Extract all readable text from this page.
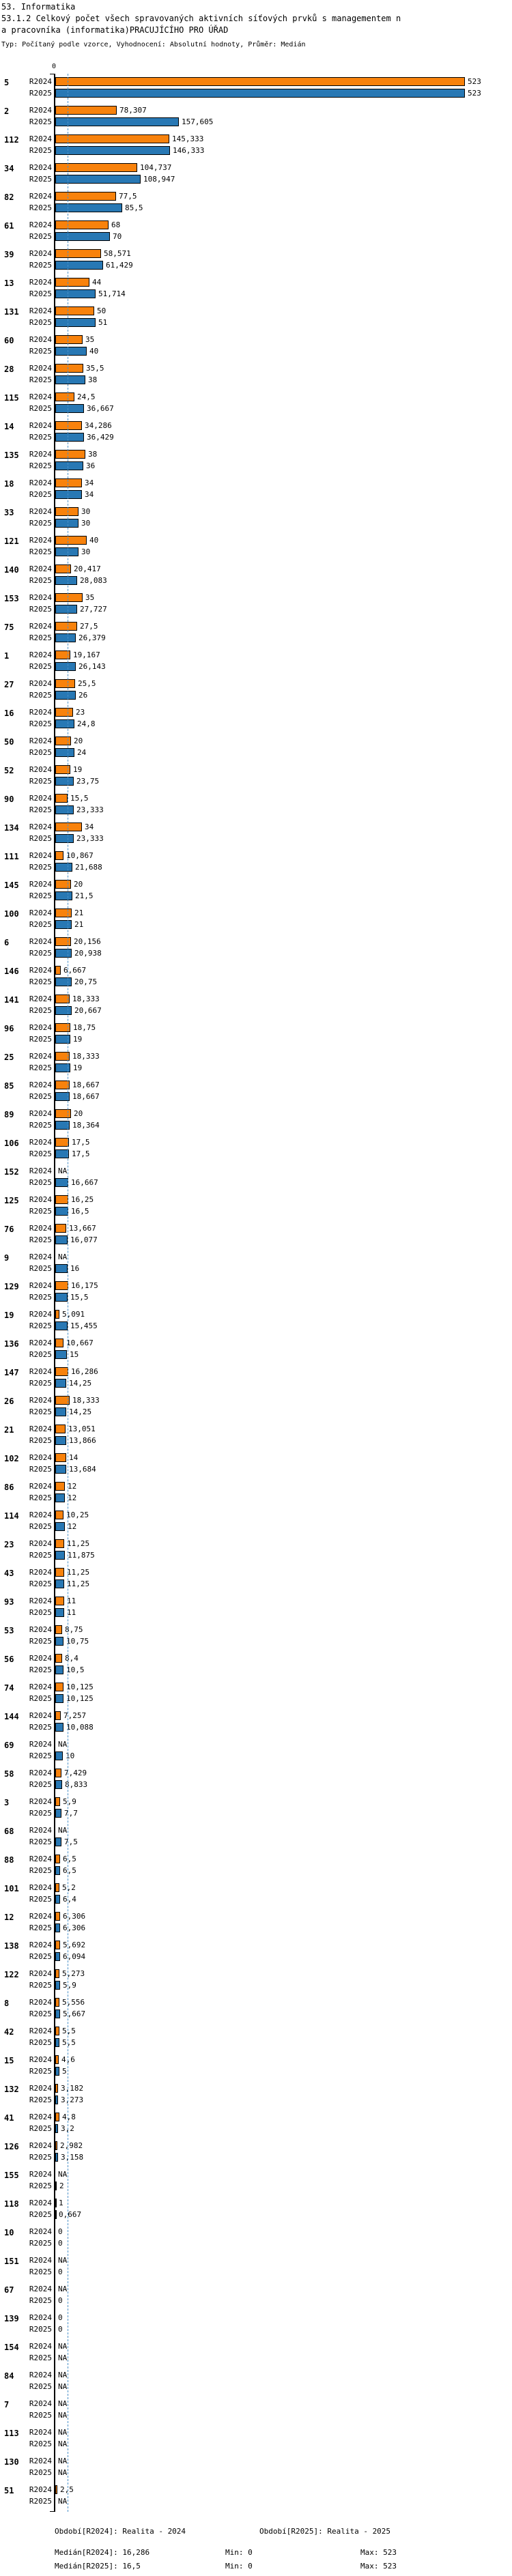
53. Informatika
53.1.2 Celkový počet všech spravovaných aktivních síťových prvků s managementem n
a pracovníka (informatika)PRACUJÍCÍHO PRO ÚŘAD
Typ: Počítaný podle vzorce, Vyhodnocení: Absolutní hodnoty, Průměr: Medián
0
5	R2024	523
R2025	523
2	R2024	78,307
R2025	157,605
112	R2024	145,333
R2025	146,333
34	R2024	104,737
R2025	108,947
82	R2024	77,5
R2025	85,5
61	R2024	68
R2025	70
39	R2024	58,571
R2025	61,429
13	R2024	44
R2025	51,714
131	R2024	50
R2025	51
60	R2024	35
R2025	40
28	R2024	35,5
R2025	38
115	R2024	24,5
R2025	36,667
14	R2024	34,286
R2025	36,429
135	R2024	38
R2025	36
18	R2024	34
R2025	34
33	R2024	30
R2025	30
121	R2024	40
R2025	30
140	R2024	20,417
R2025	28,083
153	R2024	35
R2025	27,727
75	R2024	27,5
R2025	26,379
1	R2024	19,167
R2025	26,143
27	R2024	25,5
R2025	26
16	R2024	23
R2025	24,8
50	R2024	20
R2025	24
52	R2024	19
R2025	23,75
90	R2024 15,5
R2025	23,333
134	R2024	34
R2025	23,333
111	R2024 10,867
R2025	21,688
145	R2024	20
R2025	21,5
100	R2024	21
R2025	21
6	R2024	20,156
R2025	20,938
146	R2024 6,667
R2025	20,75
141	R2024	18,333
R2025	20,667
96	R2024	18,75
R2025	19
25	R2024	18,333
R2025	19
85	R2024	18,667
R2025	18,667
89	R2024	20
R2025	18,364
106	R2024	17,5
R2025	17,5
152	R2024 NA
R2025	16,667
125	R2024	16,25
R2025	16,5
76	R2024 13,667
R2025 16,077
9	R2024 NA
R2025 16
129	R2024	16,175
R2025 15,5
19	R2024 5,091
R2025 15,455
136	R2024 10,667
R2025 15
147	R2024	16,286
R2025 14,25
26	R2024	18,333
R2025 14,25
21	R2024 13,051
R2025 13,866
102	R2024 14
R2025 13,684
86	R2024 12
R2025 12
114	R2024 10,25
R2025 12
23	R2024 11,25
R2025 11,875
43	R2024 11,25
R2025 11,25
93	R2024 11
R2025 11
53	R2024 8,75
R2025 10,75
56	R2024 8,4
R2025 10,5
74	R2024 10,125
R2025 10,125
144	R2024 7,257
R2025 10,088
69	R2024 NA
R2025 10
58	R2024 7,429
R2025 8,833
3	R2024 5,9
R2025 7,7
68	R2024 NA
R2025 7,5
88	R2024 6,5
R2025 6,5
101	R2024 5,2
R2025 6,4
12	R2024 6,306
R2025 6,306
138	R2024 5,692
R2025 6,094
122	R2024 5,273
R2025 5,9
8	R2024 5,556
R2025 5,667
42	R2024 5,5
R2025 5,5
15	R2024 4,6
R2025 5
132	R2024 3,182
R2025 3,273
41	R2024 4,8
R2025 3,2
126	R2024 2,982
R2025 3,158
155	R2024 NA
R2025 2
118	R2024 1
R2025 0,667
10	R2024 0
R2025 0
151	R2024 NA
R2025 0
67	R2024 NA
R2025 0
139	R2024 0
R2025 0
154	R2024 NA
R2025 NA
84	R2024 NA
R2025 NA
7	R2024 NA
R2025 NA
113	R2024 NA
R2025 NA
130	R2024 NA
R2025 NA
51	R2024 2,5
R2025 NA
Období[R2024]: Realita - 2024	Období[R2025]: Realita - 2025
Medián[R2024]: 16,286	Min: 0	Max: 523
Medián[R2025]: 16,5	Min: 0	Max: 523
